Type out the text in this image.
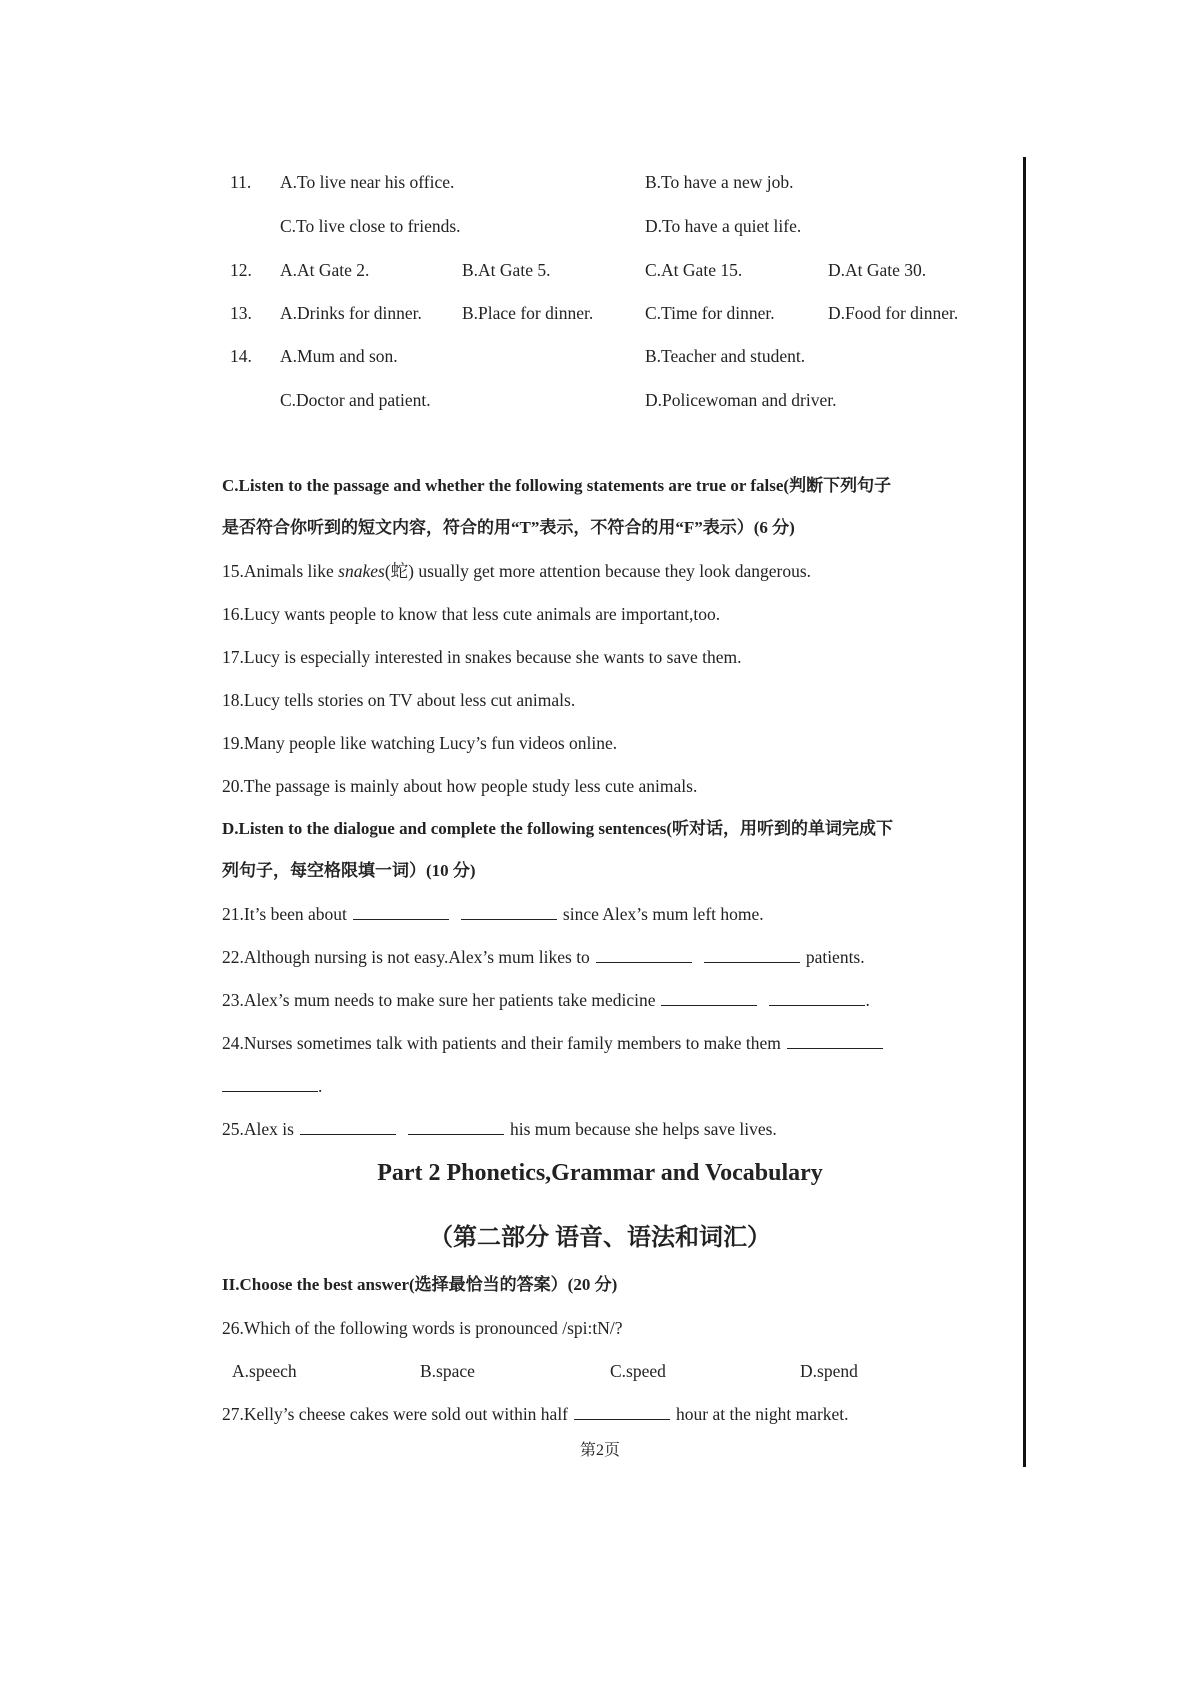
11. A.To live near his office.	B.To have a new job.
C.To live close to friends.	D.To have a quiet life.
12. A.At Gate 2.	B.At Gate 5.	C.At Gate 15.	D.At Gate 30.
13. A.Drinks for dinner. B.Place for dinner.	C.Time for dinner.	D.Food for dinner.
14. A.Mum and son.	B.Teacher and student.
C.Doctor and patient.	D.Policewoman and driver.
C.Listen to the passage and whether the following statements are true or false(判断下列句子
是否符合你听到的短文内容，符合的用“T”表示，不符合的用“F”表示）(6 分)
15.Animals like snakes(蛇) usually get more attention because they look dangerous.
16.Lucy wants people to know that less cute animals are important,too.
17.Lucy is especially interested in snakes because she wants to save them.
18.Lucy tells stories on TV about less cut animals.
19.Many people like watching Lucy’s fun videos online.
20.The passage is mainly about how people study less cute animals.
D.Listen to the dialogue and complete the following sentences(听对话，用听到的单词完成下
列句子，每空格限填一词）(10 分)
21.It’s been about	since Alex’s mum left home.
22.Although nursing is not easy.Alex’s mum likes to	patients.
23.Alex’s mum needs to make sure her patients take medicine	.
24.Nurses sometimes talk with patients and their family members to make them
.
25.Alex is	his mum because she helps save lives.
Part 2 Phonetics,Grammar and Vocabulary
（第二部分 语音、语法和词汇）
II.Choose the best answer(选择最恰当的答案）(20 分)
26.Which of the following words is pronounced /spi:tN/?
A.speech	B.space	C.speed	D.spend
27.Kelly’s cheese cakes were sold out within half	hour at the night market.
第2页
